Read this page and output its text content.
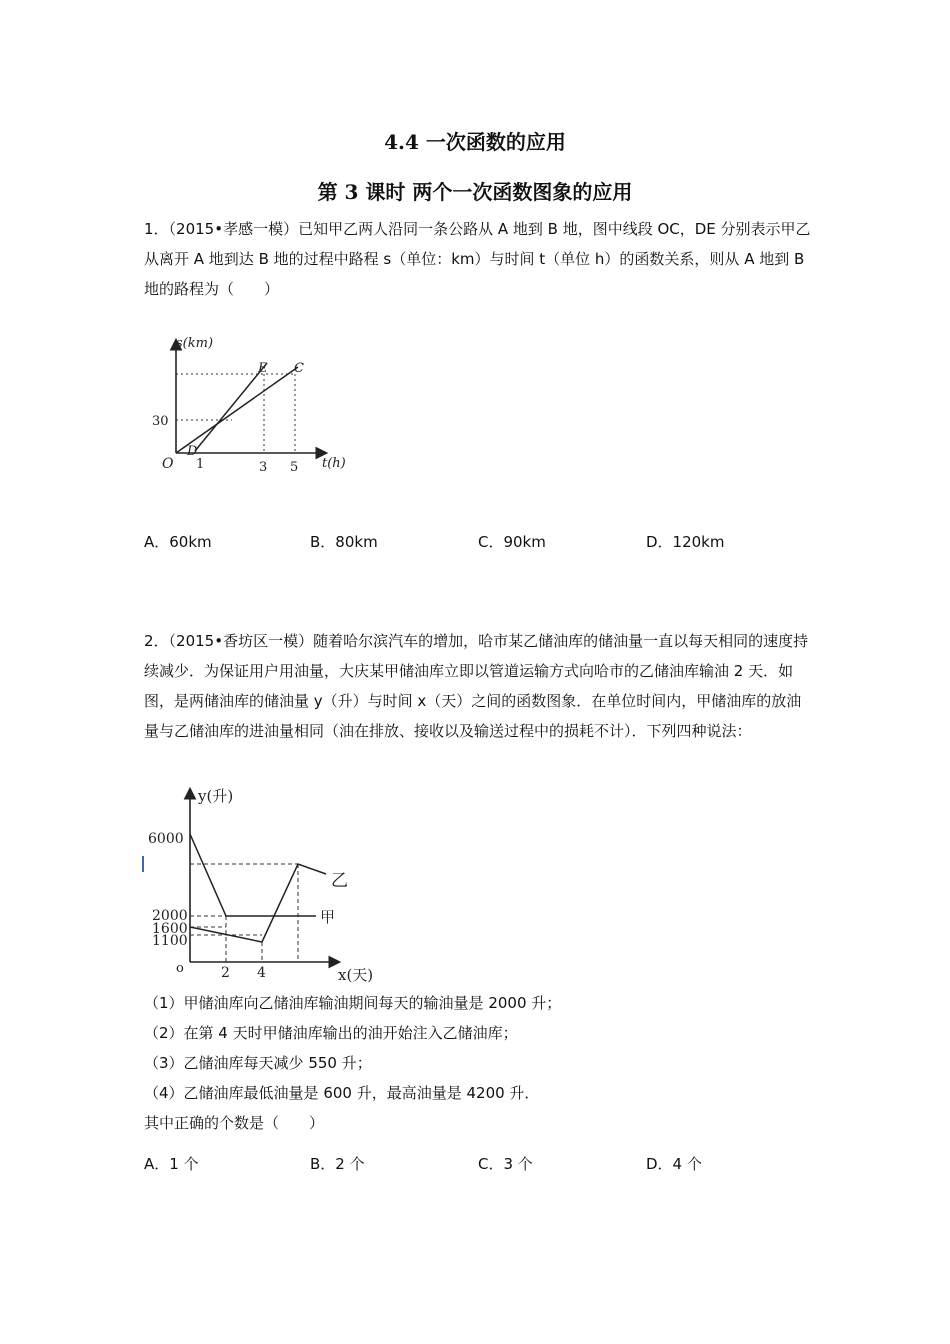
4.4 一次函数的应用
第 3 课时 两个一次函数图象的应用
1．（2015•孝感一模）已知甲乙两人沿同一条公路从 A 地到 B 地，图中线段 OC，DE 分别表示甲乙从离开 A 地到达 B 地的过程中路程 s（单位：km）与时间 t（单位 h）的函数关系，则从 A 地到 B 地的路程为（　　）
s(km)
t(h)
O
30
1	3 5
D
E C
A．60km	B．80km	C．90km	D．120km
2．（2015•香坊区一模）随着哈尔滨汽车的增加，哈市某乙储油库的储油量一直以每天相同的速度持续减少．为保证用户用油量，大庆某甲储油库立即以管道运输方式向哈市的乙储油库输油 2 天．如图，是两储油库的储油量 y（升）与时间 x（天）之间的函数图象．在单位时间内，甲储油库的放油量与乙储油库的进油量相同（油在排放、接收以及输送过程中的损耗不计）．下列四种说法：
y(升)
x(天)
o
6000
2000
1600
1100
2 4
乙
甲
（1）甲储油库向乙储油库输油期间每天的输油量是 2000 升；
（2）在第 4 天时甲储油库输出的油开始注入乙储油库；
（3）乙储油库每天减少 550 升；
（4）乙储油库最低油量是 600 升，最高油量是 4200 升．
其中正确的个数是（　　）
A．1 个	B．2 个	C．3 个	D．4 个
